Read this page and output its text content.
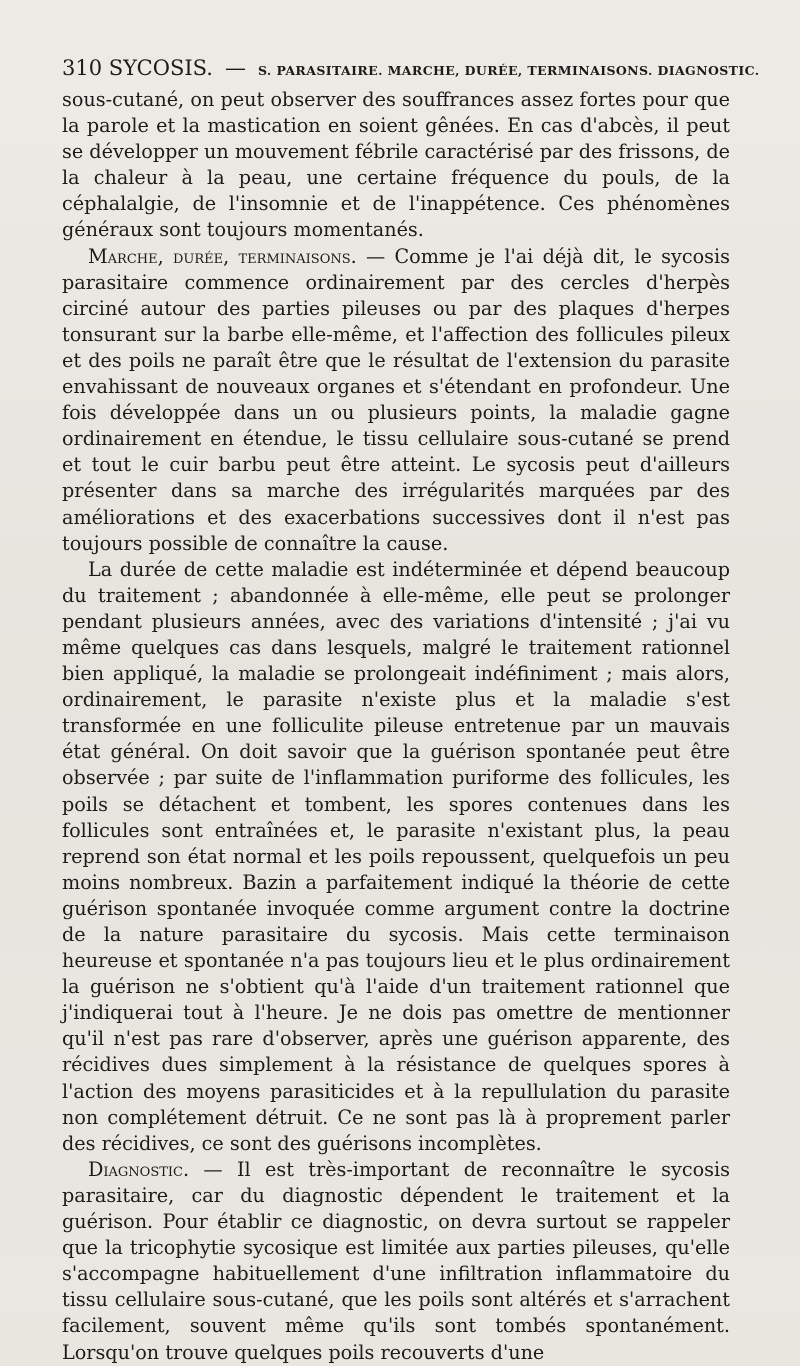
310
SYCOSIS. — S. PARASITAIRE. MARCHE, DURÉE, TERMINAISONS. DIAGNOSTIC.

sous-cutané, on peut observer des souffrances assez fortes pour que la parole et la mastication en soient gênées. En cas d'abcès, il peut se développer un mouvement fébrile caractérisé par des frissons, de la chaleur à la peau, une certaine fréquence du pouls, de la céphalalgie, de l'insomnie et de l'inappétence. Ces phénomènes généraux sont toujours momentanés.

Marche, durée, terminaisons. — Comme je l'ai déjà dit, le sycosis parasitaire commence ordinairement par des cercles d'herpès circiné autour des parties pileuses ou par des plaques d'herpes tonsurant sur la barbe elle-même, et l'affection des follicules pileux et des poils ne paraît être que le résultat de l'extension du parasite envahissant de nouveaux organes et s'étendant en profondeur. Une fois développée dans un ou plusieurs points, la maladie gagne ordinairement en étendue, le tissu cellulaire sous-cutané se prend et tout le cuir barbu peut être atteint. Le sycosis peut d'ailleurs présenter dans sa marche des irrégularités marquées par des améliorations et des exacerbations successives dont il n'est pas toujours possible de connaître la cause.

La durée de cette maladie est indéterminée et dépend beaucoup du traitement ; abandonnée à elle-même, elle peut se prolonger pendant plusieurs années, avec des variations d'intensité ; j'ai vu même quelques cas dans lesquels, malgré le traitement rationnel bien appliqué, la maladie se prolongeait indéfiniment ; mais alors, ordinairement, le parasite n'existe plus et la maladie s'est transformée en une folliculite pileuse entretenue par un mauvais état général. On doit savoir que la guérison spontanée peut être observée ; par suite de l'inflammation puriforme des follicules, les poils se détachent et tombent, les spores contenues dans les follicules sont entraînées et, le parasite n'existant plus, la peau reprend son état normal et les poils repoussent, quelquefois un peu moins nombreux. Bazin a parfaitement indiqué la théorie de cette guérison spontanée invoquée comme argument contre la doctrine de la nature parasitaire du sycosis. Mais cette terminaison heureuse et spontanée n'a pas toujours lieu et le plus ordinairement la guérison ne s'obtient qu'à l'aide d'un traitement rationnel que j'indiquerai tout à l'heure. Je ne dois pas omettre de mentionner qu'il n'est pas rare d'observer, après une guérison apparente, des récidives dues simplement à la résistance de quelques spores à l'action des moyens parasiticides et à la repullulation du parasite non complétement détruit. Ce ne sont pas là à proprement parler des récidives, ce sont des guérisons incomplètes.

Diagnostic. — Il est très-important de reconnaître le sycosis parasitaire, car du diagnostic dépendent le traitement et la guérison. Pour établir ce diagnostic, on devra surtout se rappeler que la tricophytie sycosique est limitée aux parties pileuses, qu'elle s'accompagne habituellement d'une infiltration inflammatoire du tissu cellulaire sous-cutané, que les poils sont altérés et s'arrachent facilement, souvent même qu'ils sont tombés spontanément. Lorsqu'on trouve quelques poils recouverts d'une
